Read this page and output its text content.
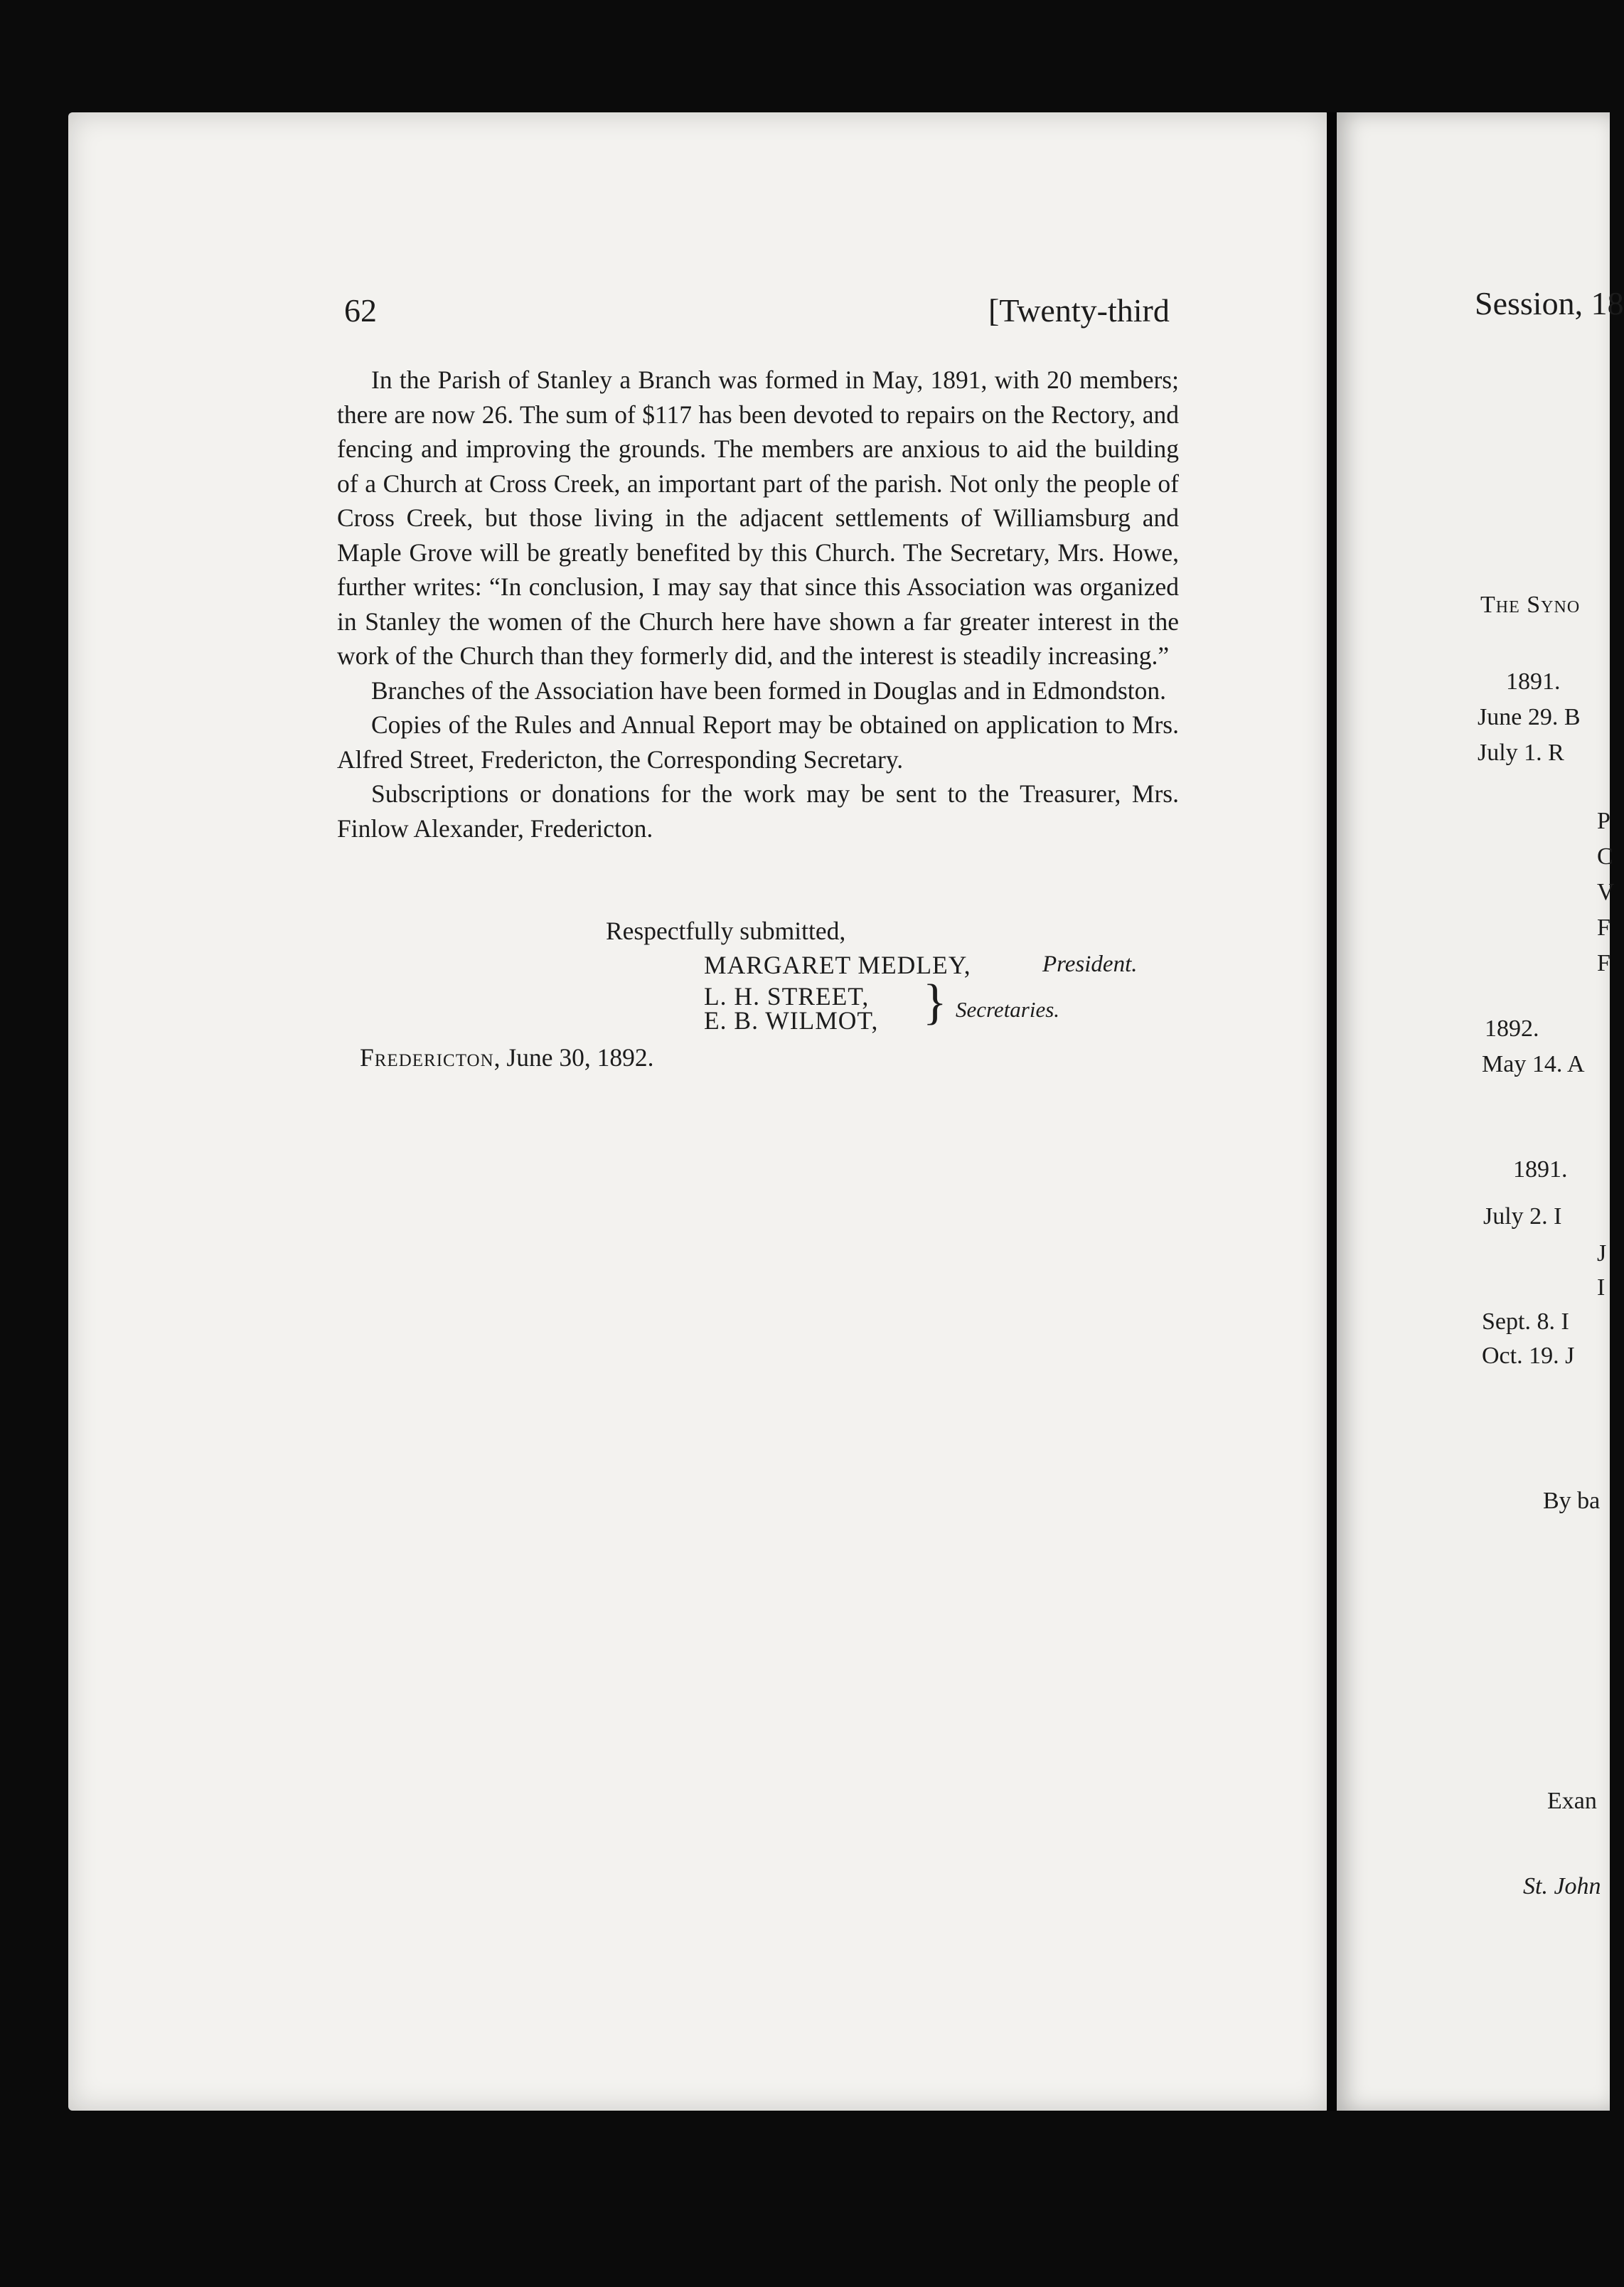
62	[Twenty-third

In the Parish of Stanley a Branch was formed in May, 1891, with 20 members; there are now 26. The sum of $117 has been devoted to repairs on the Rectory, and fencing and improving the grounds. The members are anxious to aid the building of a Church at Cross Creek, an important part of the parish. Not only the people of Cross Creek, but those living in the adjacent settlements of Williamsburg and Maple Grove will be greatly benefited by this Church. The Secretary, Mrs. Howe, further writes: “In conclusion, I may say that since this Association was organized in Stanley the women of the Church here have shown a far greater interest in the work of the Church than they formerly did, and the interest is steadily increasing.”

Branches of the Association have been formed in Douglas and in Edmondston.

Copies of the Rules and Annual Report may be obtained on application to Mrs. Alfred Street, Fredericton, the Corresponding Secretary.

Subscriptions or donations for the work may be sent to the Treasurer, Mrs. Finlow Alexander, Fredericton.

Respectfully submitted,
MARGARET MEDLEY,	President.
L. H. STREET,
E. B. WILMOT, } Secretaries.
Fredericton, June 30, 1892.
Session, 18
The Syno
1891.
June 29. B
July 1. R
P
C
V
F
F
1892.
May 14. A
1891.
July 2. I
J
I
Sept. 8. I
Oct. 19. J
By ba
Exan
St. John
